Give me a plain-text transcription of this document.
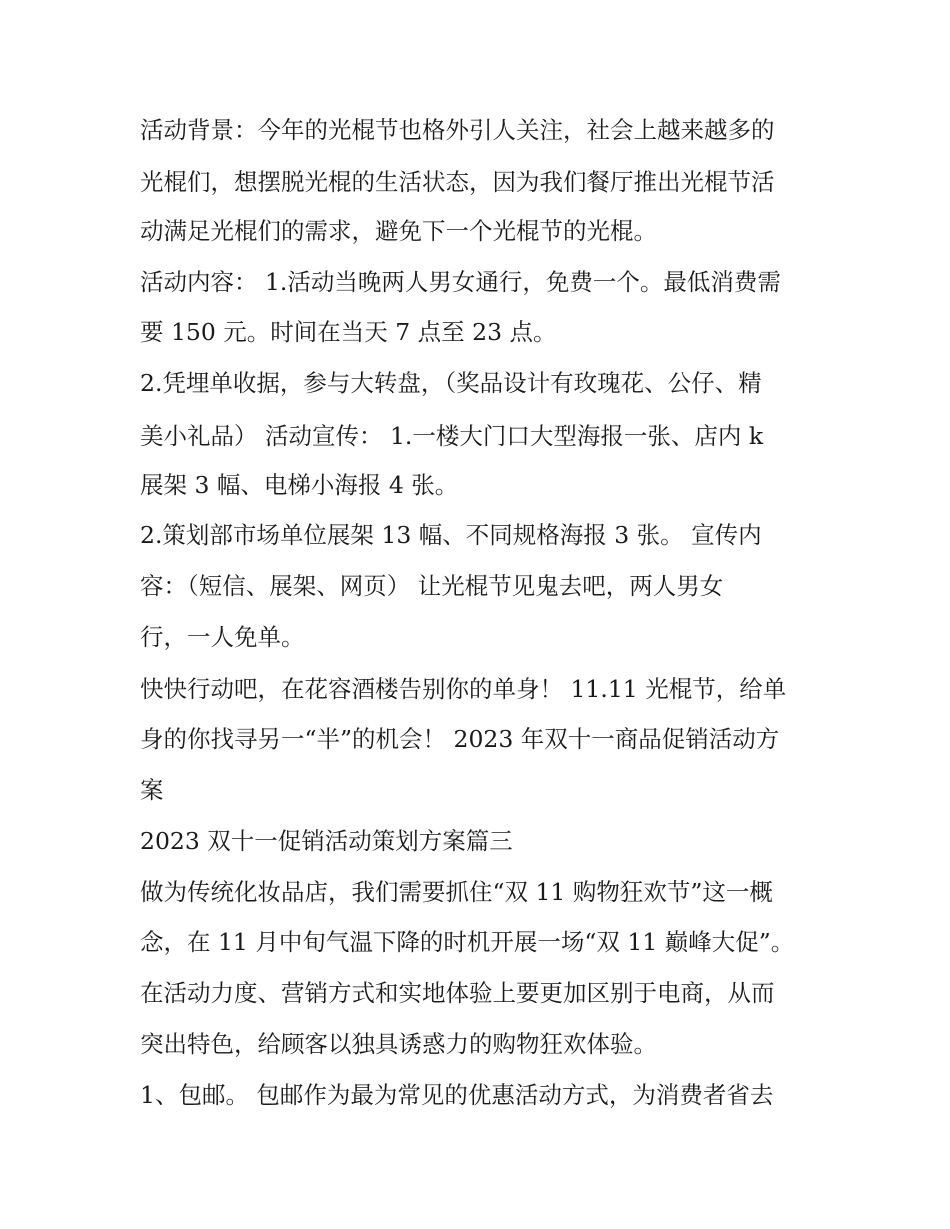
活动背景：今年的光棍节也格外引人关注，社会上越来越多的

光棍们，想摆脱光棍的生活状态，因为我们餐厅推出光棍节活

动满足光棍们的需求，避免下一个光棍节的光棍。

活动内容： 1.活动当晚两人男女通行，免费一个。最低消费需

要 150 元。时间在当天 7 点至 23 点。

2.凭埋单收据，参与大转盘，（奖品设计有玫瑰花、公仔、精

美小礼品） 活动宣传： 1.一楼大门口大型海报一张、店内 k

展架 3 幅、电梯小海报 4 张。

2.策划部市场单位展架 13 幅、不同规格海报 3 张。 宣传内

容：（短信、展架、网页） 让光棍节见鬼去吧，两人男女

行，一人免单。

快快行动吧，在花容酒楼告别你的单身！ 11.11 光棍节，给单

身的你找寻另一“半”的机会！ 2023 年双十一商品促销活动方

案

2023 双十一促销活动策划方案篇三

做为传统化妆品店，我们需要抓住“双 11 购物狂欢节”这一概

念，在 11 月中旬气温下降的时机开展一场“双 11 巅峰大促”。

在活动力度、营销方式和实地体验上要更加区别于电商，从而

突出特色，给顾客以独具诱惑力的购物狂欢体验。

1、包邮。 包邮作为最为常见的优惠活动方式，为消费者省去
